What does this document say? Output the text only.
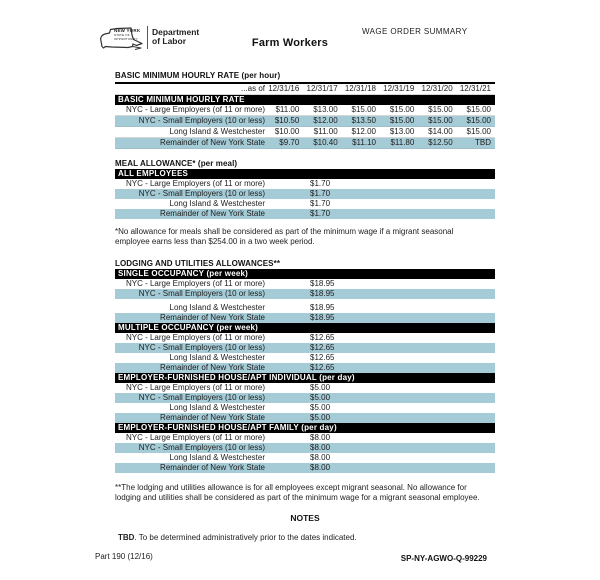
NEW YORK
STATE OF
OPPORTUNITY
Department
of Labor	Farm Workers
WAGE ORDER SUMMARY
BASIC MINIMUM HOURLY RATE (per hour)
...as of 12/31/16 12/31/17 12/31/18 12/31/19 12/31/20 12/31/21
BASIC MINIMUM HOURLY RATE
NYC - Large Employers (of 11 or more)	$11.00	$13.00	$15.00	$15.00	$15.00	$15.00
NYC - Small Employers (10 or less)	$10.50	$12.00	$13.50	$15.00	$15.00	$15.00
Long Island & Westchester	$10.00	$11.00	$12.00	$13.00	$14.00	$15.00
Remainder of New York State	$9.70	$10.40	$11.10	$11.80	$12.50	TBD
MEAL ALLOWANCE* (per meal)
ALL EMPLOYEES
NYC - Large Employers (of 11 or more)	$1.70
NYC - Small Employers (10 or less)	$1.70
Long Island & Westchester	$1.70
Remainder of New York State	$1.70
*No allowance for meals shall be considered as part of the minimum wage if a migrant seasonal employee earns less than $254.00 in a two week period.
LODGING AND UTILITIES ALLOWANCES**
SINGLE OCCUPANCY (per week)
NYC - Large Employers (of 11 or more)	$18.95
NYC - Small Employers (10 or less)	$18.95
Long Island & Westchester	$18.95
Remainder of New York State	$18.95
MULTIPLE OCCUPANCY (per week)
NYC - Large Employers (of 11 or more)	$12.65
NYC - Small Employers (10 or less)	$12.65
Long Island & Westchester	$12.65
Remainder of New York State	$12.65
EMPLOYER-FURNISHED HOUSE/APT INDIVIDUAL (per day)
NYC - Large Employers (of 11 or more)	$5.00
NYC - Small Employers (10 or less)	$5.00
Long Island & Westchester	$5.00
Remainder of New York State	$5.00
EMPLOYER-FURNISHED HOUSE/APT FAMILY (per day)
NYC - Large Employers (of 11 or more)	$8.00
NYC - Small Employers (10 or less)	$8.00
Long Island & Westchester	$8.00
Remainder of New York State	$8.00
**The lodging and utilities allowance is for all employees except migrant seasonal. No allowance for lodging and utilities shall be considered as part of the minimum wage for a migrant seasonal employee.
NOTES
TBD. To be determined administratively prior to the dates indicated.
Part 190 (12/16)	SP-NY-AGWO-Q-99229
